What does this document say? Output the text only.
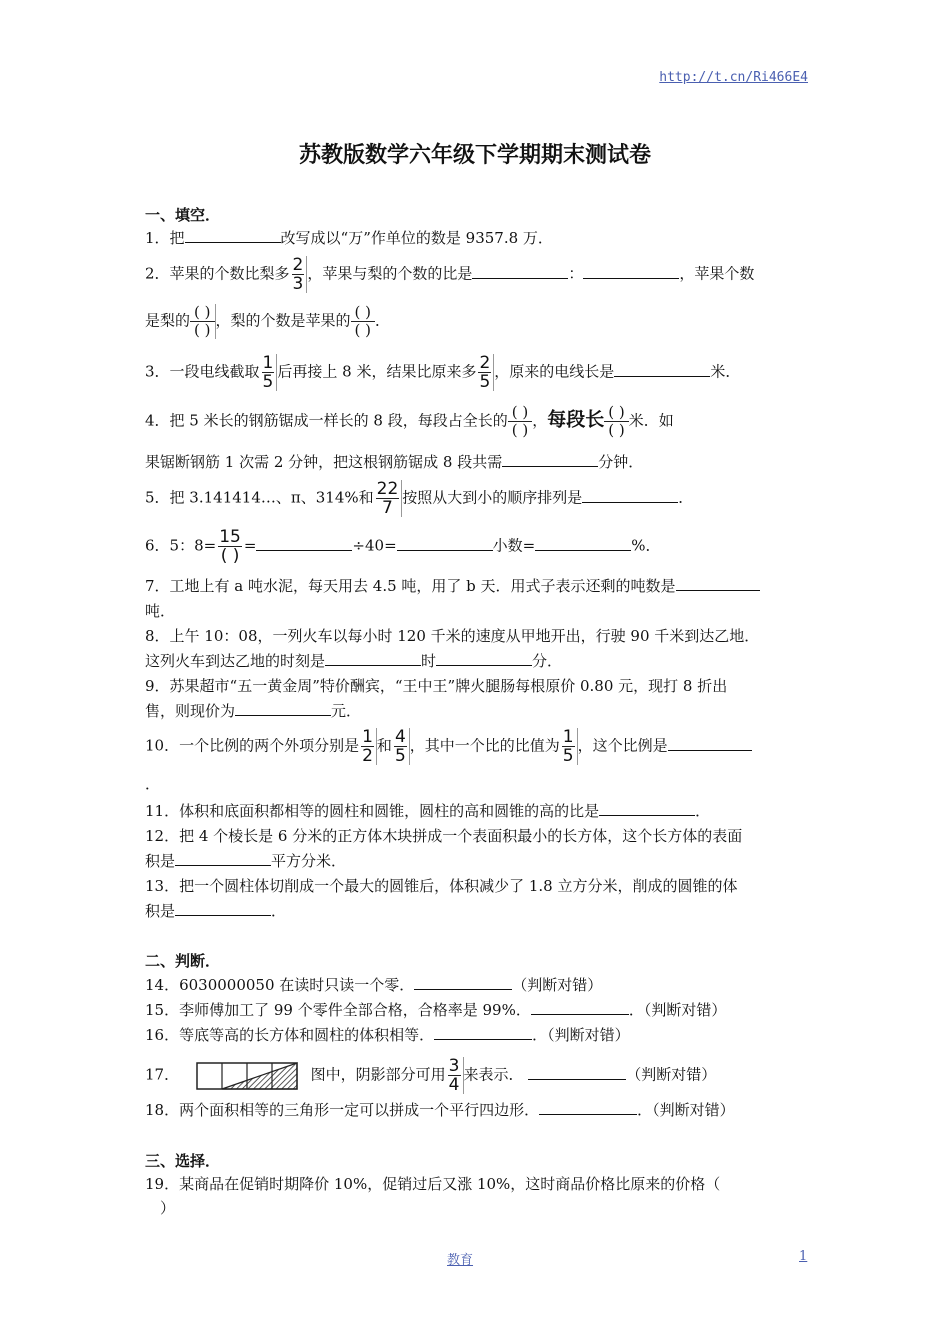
http://t.cn/Ri466E4
苏教版数学六年级下学期期末测试卷
一、填空．
1．把	改写成以“万”作单位的数是 9357.8 万．
2．苹果的个数比梨多 $\frac{2}{3}$ ，苹果与梨的个数的比是	：	，苹果个数
是梨的 $\frac{( )}{( )}$ ，梨的个数是苹果的 $\frac{( )}{( )}$ ．
3．一段电线截取 $\frac{1}{5}$ 后再接上 8 米，结果比原来多 $\frac{2}{5}$ ，原来的电线长是	米．
4．把 5 米长的钢筋锯成一样长的 8 段，每段占全长的 $\frac{( )}{( )}$ ，每段长 $\frac{( )}{( )}$ 米．如
果锯断钢筋 1 次需 2 分钟，把这根钢筋锯成 8 段共需	分钟．
5．把 3.141414…、π、314%和 $\frac{22}{7}$ 按照从大到小的顺序排列是	．
6．5：$8= \frac{15}{( )}$ =	÷40=	小数=	%．
7．工地上有 a 吨水泥，每天用去 4.5 吨，用了 b 天．用式子表示还剩的吨数是
吨．
8．上午 10：08，一列火车以每小时 120 千米的速度从甲地开出，行驶 90 千米到达乙地．
这列火车到达乙地的时刻是	时	分．
9．苏果超市“五一黄金周”特价酬宾，“王中王”牌火腿肠每根原价 0.80 元，现打 8 折出
售，则现价为	元．
10．一个比例的两个外项分别是 $\frac{1}{2}$ 和 $\frac{4}{5}$ ，其中一个比的比值为 $\frac{1}{5}$ ，这个比例是
．
11．体积和底面积都相等的圆柱和圆锥，圆柱的高和圆锥的高的比是	．
12．把 4 个棱长是 6 分米的正方体木块拼成一个表面积最小的长方体，这个长方体的表面
积是	平方分米．
13．把一个圆柱体切削成一个最大的圆锥后，体积减少了 1.8 立方分米，削成的圆锥的体
积是	．
二、判断．
14．6030000050 在读时只读一个零．	（判断对错）
15．李师傅加工了 99 个零件全部合格，合格率是 99%．	．（判断对错）
16．等底等高的长方体和圆柱的体积相等．	．（判断对错）
17．	图中，阴影部分可用 $\frac{3}{4}$ 来表示．	（判断对错）
18．两个面积相等的三角形一定可以拼成一个平行四边形．	．（判断对错）
三、选择．
19．某商品在促销时期降价 10%，促销过后又涨 10%，这时商品价格比原来的价格（
）
教育	1
